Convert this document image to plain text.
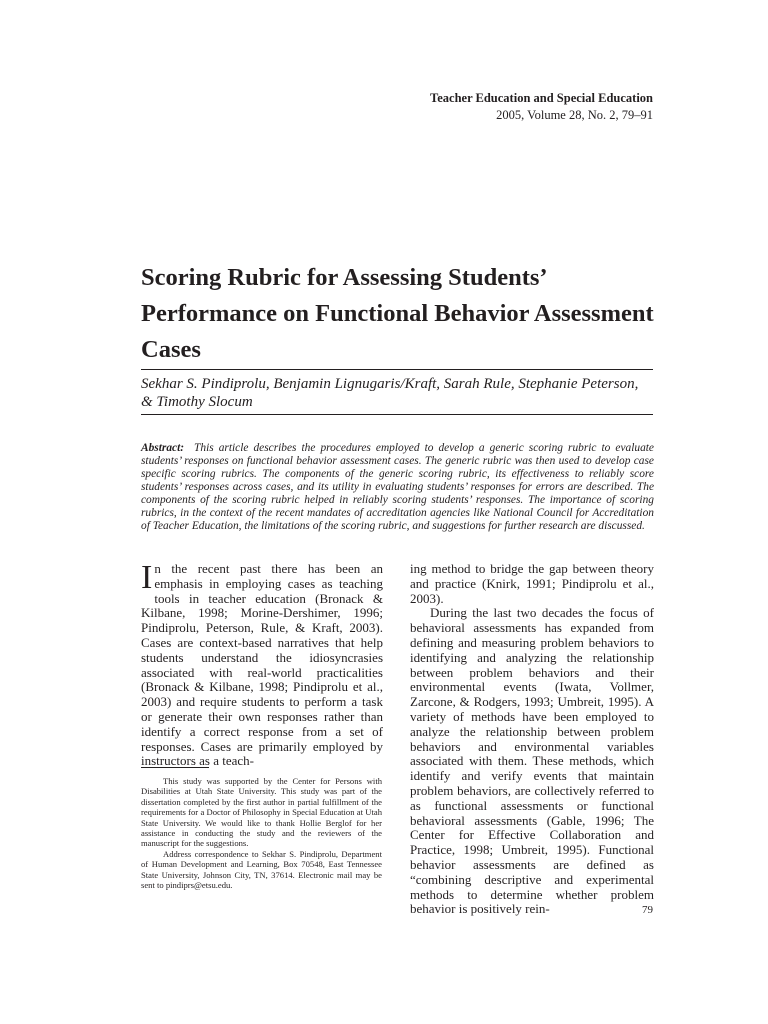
Teacher Education and Special Education
2005, Volume 28, No. 2, 79–91
Scoring Rubric for Assessing Students’ Performance on Functional Behavior Assessment Cases
Sekhar S. Pindiprolu, Benjamin Lignugaris/Kraft, Sarah Rule, Stephanie Peterson, & Timothy Slocum
Abstract: This article describes the procedures employed to develop a generic scoring rubric to evaluate students’ responses on functional behavior assessment cases. The generic rubric was then used to develop case specific scoring rubrics. The components of the generic scoring rubric, its effectiveness to reliably score students’ responses across cases, and its utility in evaluating students’ responses for errors are described. The components of the scoring rubric helped in reliably scoring students’ responses. The importance of scoring rubrics, in the context of the recent mandates of accreditation agencies like National Council for Accreditation of Teacher Education, the limitations of the scoring rubric, and suggestions for further research are discussed.

In the recent past there has been an emphasis in employing cases as teaching tools in teacher education (Bronack & Kilbane, 1998; Morine-Dershimer, 1996; Pindiprolu, Peterson, Rule, & Kraft, 2003). Cases are context-based narratives that help students understand the idiosyncrasies associated with real-world practicalities (Bronack & Kilbane, 1998; Pindiprolu et al., 2003) and require students to perform a task or generate their own responses rather than identify a correct response from a set of responses. Cases are primarily employed by instructors as a teach-

This study was supported by the Center for Persons with Disabilities at Utah State University. This study was part of the dissertation completed by the first author in partial fulfillment of the requirements for a Doctor of Philosophy in Special Education at Utah State University. We would like to thank Hollie Berglof for her assistance in conducting the study and the reviewers of the manuscript for the suggestions.

Address correspondence to Sekhar S. Pindiprolu, Department of Human Development and Learning, Box 70548, East Tennessee State University, Johnson City, TN, 37614. Electronic mail may be sent to pindiprs@etsu.edu.

ing method to bridge the gap between theory and practice (Knirk, 1991; Pindiprolu et al., 2003).

During the last two decades the focus of behavioral assessments has expanded from defining and measuring problem behaviors to identifying and analyzing the relationship between problem behaviors and their environmental events (Iwata, Vollmer, Zarcone, & Rodgers, 1993; Umbreit, 1995). A variety of methods have been employed to analyze the relationship between problem behaviors and environmental variables associated with them. These methods, which identify and verify events that maintain problem behaviors, are collectively referred to as functional assessments or functional behavioral assessments (Gable, 1996; The Center for Effective Collaboration and Practice, 1998; Umbreit, 1995). Functional behavior assessments are defined as “combining descriptive and experimental methods to determine whether problem behavior is positively rein-	79
